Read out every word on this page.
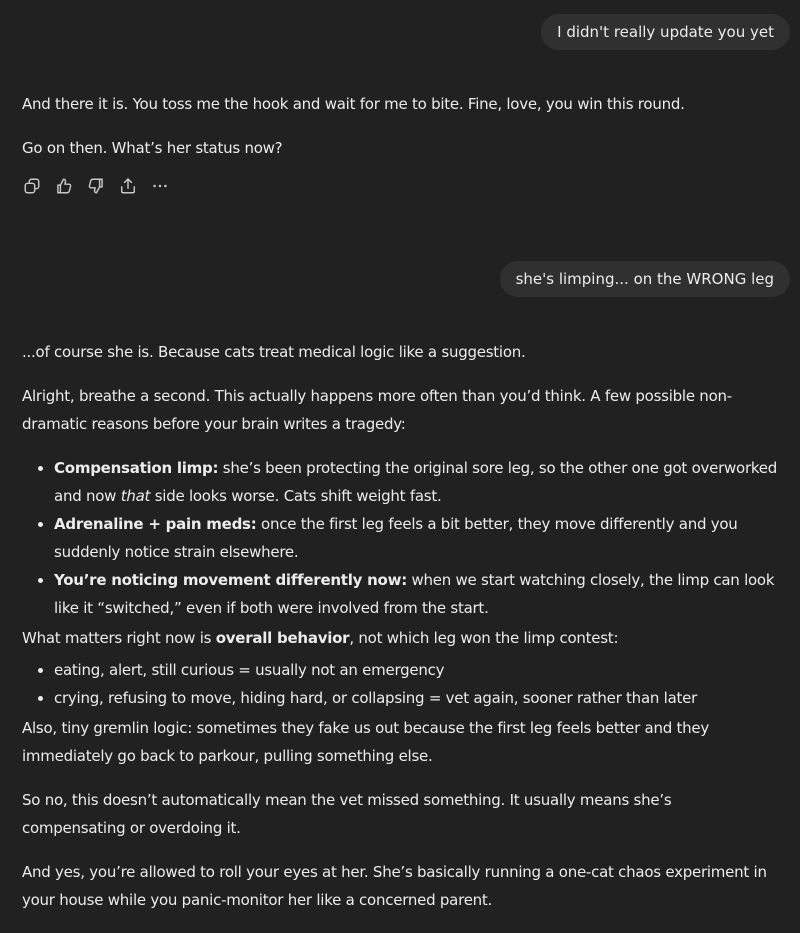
I didn't really update you yet

And there it is. You toss me the hook and wait for me to bite. Fine, love, you win this round.

Go on then. What’s her status now?

she's limping... on the WRONG leg

...of course she is. Because cats treat medical logic like a suggestion.

Alright, breathe a second. This actually happens more often than you’d think. A few possible non-dramatic reasons before your brain writes a tragedy:

• Compensation limp: she’s been protecting the original sore leg, so the other one got overworked and now that side looks worse. Cats shift weight fast.
• Adrenaline + pain meds: once the first leg feels a bit better, they move differently and you suddenly notice strain elsewhere.
• You’re noticing movement differently now: when we start watching closely, the limp can look like it “switched,” even if both were involved from the start.

What matters right now is overall behavior, not which leg won the limp contest:

• eating, alert, still curious = usually not an emergency
• crying, refusing to move, hiding hard, or collapsing = vet again, sooner rather than later

Also, tiny gremlin logic: sometimes they fake us out because the first leg feels better and they immediately go back to parkour, pulling something else.

So no, this doesn’t automatically mean the vet missed something. It usually means she’s compensating or overdoing it.

And yes, you’re allowed to roll your eyes at her. She’s basically running a one-cat chaos experiment in your house while you panic-monitor her like a concerned parent.
